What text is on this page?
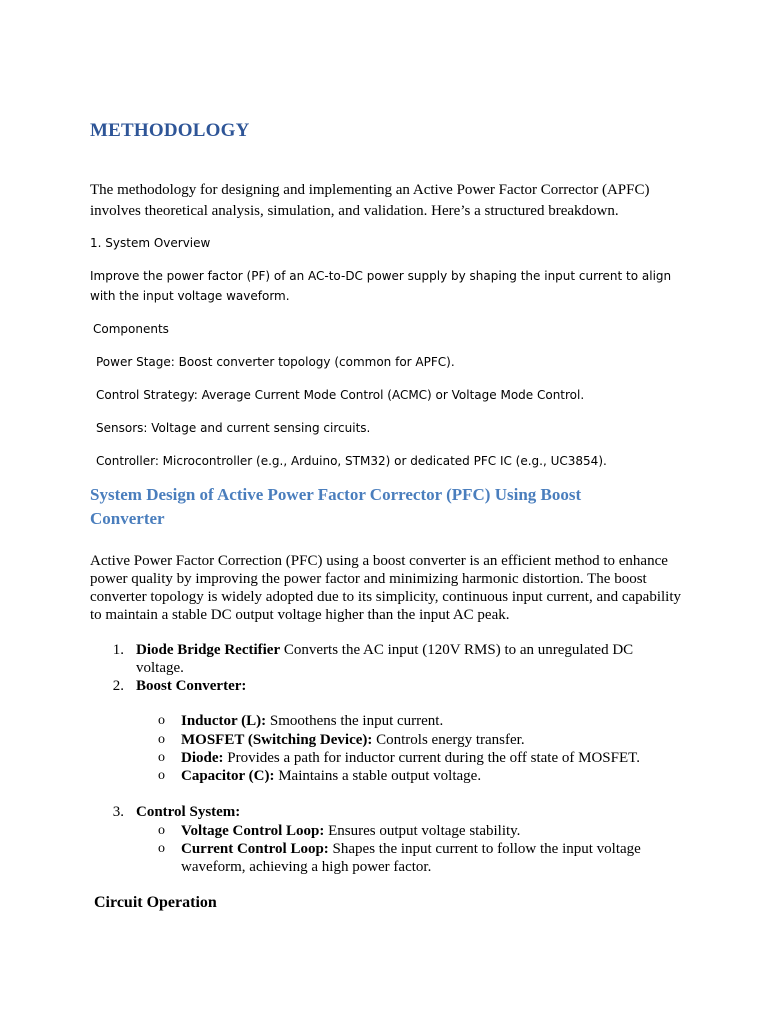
METHODOLOGY

The methodology for designing and implementing an Active Power Factor Corrector (APFC) involves theoretical analysis, simulation, and validation. Here’s a structured breakdown.

1. System Overview

Improve the power factor (PF) of an AC-to-DC power supply by shaping the input current to align with the input voltage waveform.

Components

Power Stage: Boost converter topology (common for APFC).

Control Strategy: Average Current Mode Control (ACMC) or Voltage Mode Control.

Sensors: Voltage and current sensing circuits.

Controller: Microcontroller (e.g., Arduino, STM32) or dedicated PFC IC (e.g., UC3854).

System Design of Active Power Factor Corrector (PFC) Using Boost Converter

Active Power Factor Correction (PFC) using a boost converter is an efficient method to enhance power quality by improving the power factor and minimizing harmonic distortion. The boost converter topology is widely adopted due to its simplicity, continuous input current, and capability to maintain a stable DC output voltage higher than the input AC peak.

1. Diode Bridge Rectifier Converts the AC input (120V RMS) to an unregulated DC voltage.
2. Boost Converter:
o Inductor (L): Smoothens the input current.
o MOSFET (Switching Device): Controls energy transfer.
o Diode: Provides a path for inductor current during the off state of MOSFET.
o Capacitor (C): Maintains a stable output voltage.
3. Control System:
o Voltage Control Loop: Ensures output voltage stability.
o Current Control Loop: Shapes the input current to follow the input voltage waveform, achieving a high power factor.
Circuit Operation
